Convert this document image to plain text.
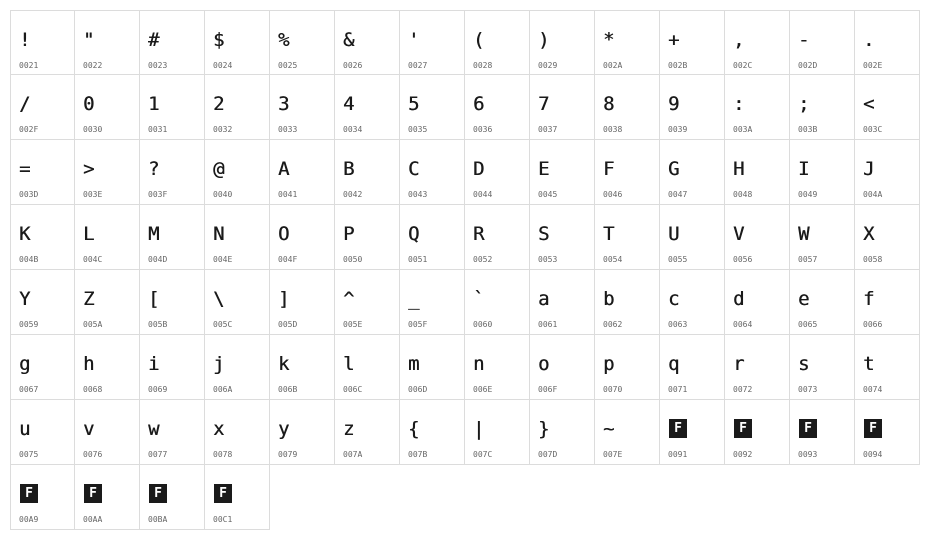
!
0021
"
0022
#
0023
$
0024
%
0025
&
0026
'
0027
(
0028
)
0029
*
002A
+
002B
,
002C
-
002D
.
002E
/
002F
0
0030
1
0031
2
0032
3
0033
4
0034
5
0035
6
0036
7
0037
8
0038
9
0039
:
003A
;
003B
<
003C
=
003D
>
003E
?
003F
@
0040
A
0041
B
0042
C
0043
D
0044
E
0045
F
0046
G
0047
H
0048
I
0049
J
004A
K
004B
L
004C
M
004D
N
004E
O
004F
P
0050
Q
0051
R
0052
S
0053
T
0054
U
0055
V
0056
W
0057
X
0058
Y
0059
Z
005A
[
005B
\
005C
]
005D
^
005E
_
005F
`
0060
a
0061
b
0062
c
0063
d
0064
e
0065
f
0066
g
0067
h
0068
i
0069
j
006A
k
006B
l
006C
m
006D
n
006E
o
006F
p
0070
q
0071
r
0072
s
0073
t
0074
u
0075
v
0076
w
0077
x
0078
y
0079
z
007A
{
007B
|
007C
}
007D
~
007E
F
0091
F
0092
F
0093
F
0094
F
00A9
F
00AA
F
00BA
F
00C1
